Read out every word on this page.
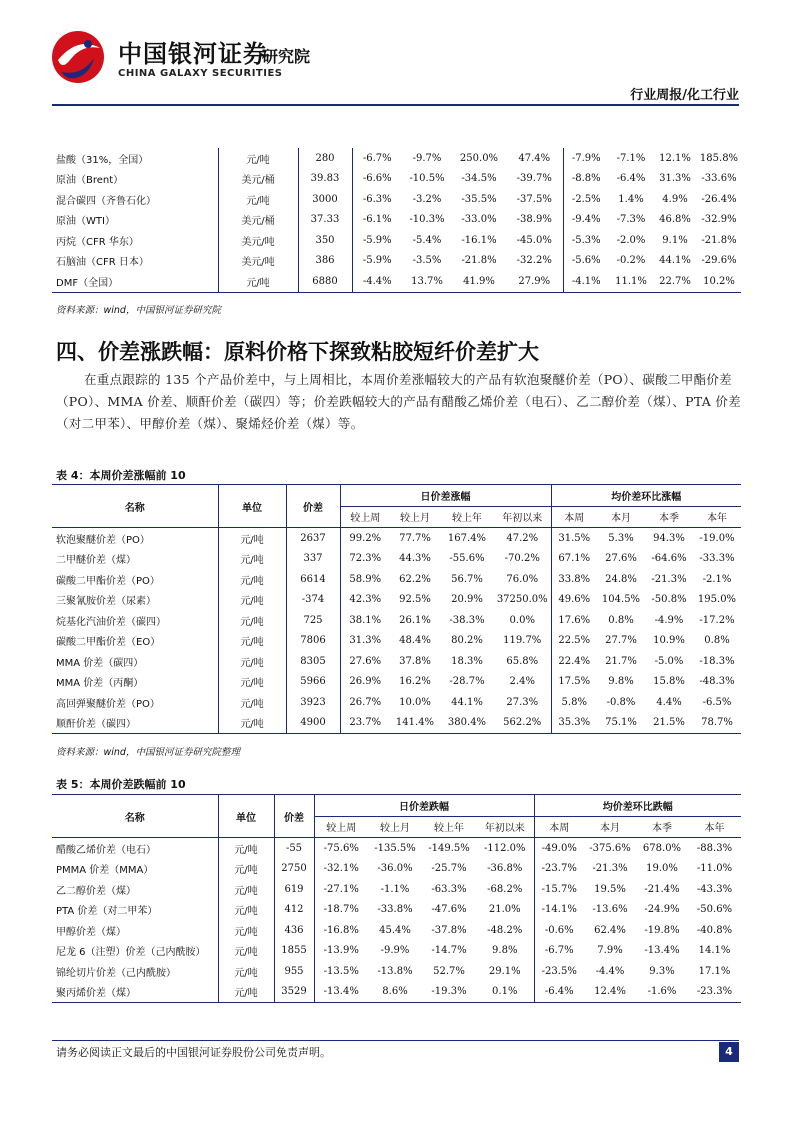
中国银河证券
CHINA GALAXY SECURITIES
研究院
行业周报/化工行业
盐酸（31%，全国）	元/吨	280	-6.7%	-9.7%	250.0%	47.4%	-7.9%	-7.1%	12.1%	185.8%
原油（Brent）	美元/桶	39.83	-6.6%	-10.5%	-34.5%	-39.7%	-8.8%	-6.4%	31.3%	-33.6%
混合碳四（齐鲁石化）	元/吨	3000	-6.3%	-3.2%	-35.5%	-37.5%	-2.5%	1.4%	4.9%	-26.4%
原油（WTI）	美元/桶	37.33	-6.1%	-10.3%	-33.0%	-38.9%	-9.4%	-7.3%	46.8%	-32.9%
丙烷（CFR 华东）	美元/吨	350	-5.9%	-5.4%	-16.1%	-45.0%	-5.3%	-2.0%	9.1%	-21.8%
石脑油（CFR 日本）	美元/吨	386	-5.9%	-3.5%	-21.8%	-32.2%	-5.6%	-0.2%	44.1%	-29.6%
DMF（全国）	元/吨	6880	-4.4%	13.7%	41.9%	27.9%	-4.1%	11.1%	22.7%	10.2%
资料来源：wind，中国银河证券研究院
四、价差涨跌幅：原料价格下探致粘胶短纤价差扩大
在重点跟踪的 135 个产品价差中，与上周相比，本周价差涨幅较大的产品有软泡聚醚价差（PO）、碳酸二甲酯价差（PO）、MMA 价差、顺酐价差（碳四）等；价差跌幅较大的产品有醋酸乙烯价差（电石）、乙二醇价差（煤）、PTA 价差（对二甲苯）、甲醇价差（煤）、聚烯烃价差（煤）等。
表 4：本周价差涨幅前 10
名称	单位	价差	日价差涨幅				均价差环比涨幅			
			较上周	较上月	较上年	年初以来	本周	本月	本季	本年
软泡聚醚价差（PO）	元/吨	2637	99.2%	77.7%	167.4%	47.2%	31.5%	5.3%	94.3%	-19.0%
二甲醚价差（煤）	元/吨	337	72.3%	44.3%	-55.6%	-70.2%	67.1%	27.6%	-64.6%	-33.3%
碳酸二甲酯价差（PO）	元/吨	6614	58.9%	62.2%	56.7%	76.0%	33.8%	24.8%	-21.3%	-2.1%
三聚氰胺价差（尿素）	元/吨	-374	42.3%	92.5%	20.9%	37250.0%	49.6%	104.5%	-50.8%	195.0%
烷基化汽油价差（碳四）	元/吨	725	38.1%	26.1%	-38.3%	0.0%	17.6%	0.8%	-4.9%	-17.2%
碳酸二甲酯价差（EO）	元/吨	7806	31.3%	48.4%	80.2%	119.7%	22.5%	27.7%	10.9%	0.8%
MMA 价差（碳四）	元/吨	8305	27.6%	37.8%	18.3%	65.8%	22.4%	21.7%	-5.0%	-18.3%
MMA 价差（丙酮）	元/吨	5966	26.9%	16.2%	-28.7%	2.4%	17.5%	9.8%	15.8%	-48.3%
高回弹聚醚价差（PO）	元/吨	3923	26.7%	10.0%	44.1%	27.3%	5.8%	-0.8%	4.4%	-6.5%
顺酐价差（碳四）	元/吨	4900	23.7%	141.4%	380.4%	562.2%	35.3%	75.1%	21.5%	78.7%
资料来源：wind，中国银河证券研究院整理
表 5：本周价差跌幅前 10
名称	单位	价差	日价差跌幅				均价差环比跌幅			
			较上周	较上月	较上年	年初以来	本周	本月	本季	本年
醋酸乙烯价差（电石）	元/吨	-55	-75.6%	-135.5%	-149.5%	-112.0%	-49.0%	-375.6%	678.0%	-88.3%
PMMA 价差（MMA）	元/吨	2750	-32.1%	-36.0%	-25.7%	-36.8%	-23.7%	-21.3%	19.0%	-11.0%
乙二醇价差（煤）	元/吨	619	-27.1%	-1.1%	-63.3%	-68.2%	-15.7%	19.5%	-21.4%	-43.3%
PTA 价差（对二甲苯）	元/吨	412	-18.7%	-33.8%	-47.6%	21.0%	-14.1%	-13.6%	-24.9%	-50.6%
甲醇价差（煤）	元/吨	436	-16.8%	45.4%	-37.8%	-48.2%	-0.6%	62.4%	-19.8%	-40.8%
尼龙 6（注塑）价差（己内酰胺）	元/吨	1855	-13.9%	-9.9%	-14.7%	9.8%	-6.7%	7.9%	-13.4%	14.1%
锦纶切片价差（己内酰胺）	元/吨	955	-13.5%	-13.8%	52.7%	29.1%	-23.5%	-4.4%	9.3%	17.1%
聚丙烯价差（煤）	元/吨	3529	-13.4%	8.6%	-19.3%	0.1%	-6.4%	12.4%	-1.6%	-23.3%
请务必阅读正文最后的中国银河证券股份公司免责声明。	4
